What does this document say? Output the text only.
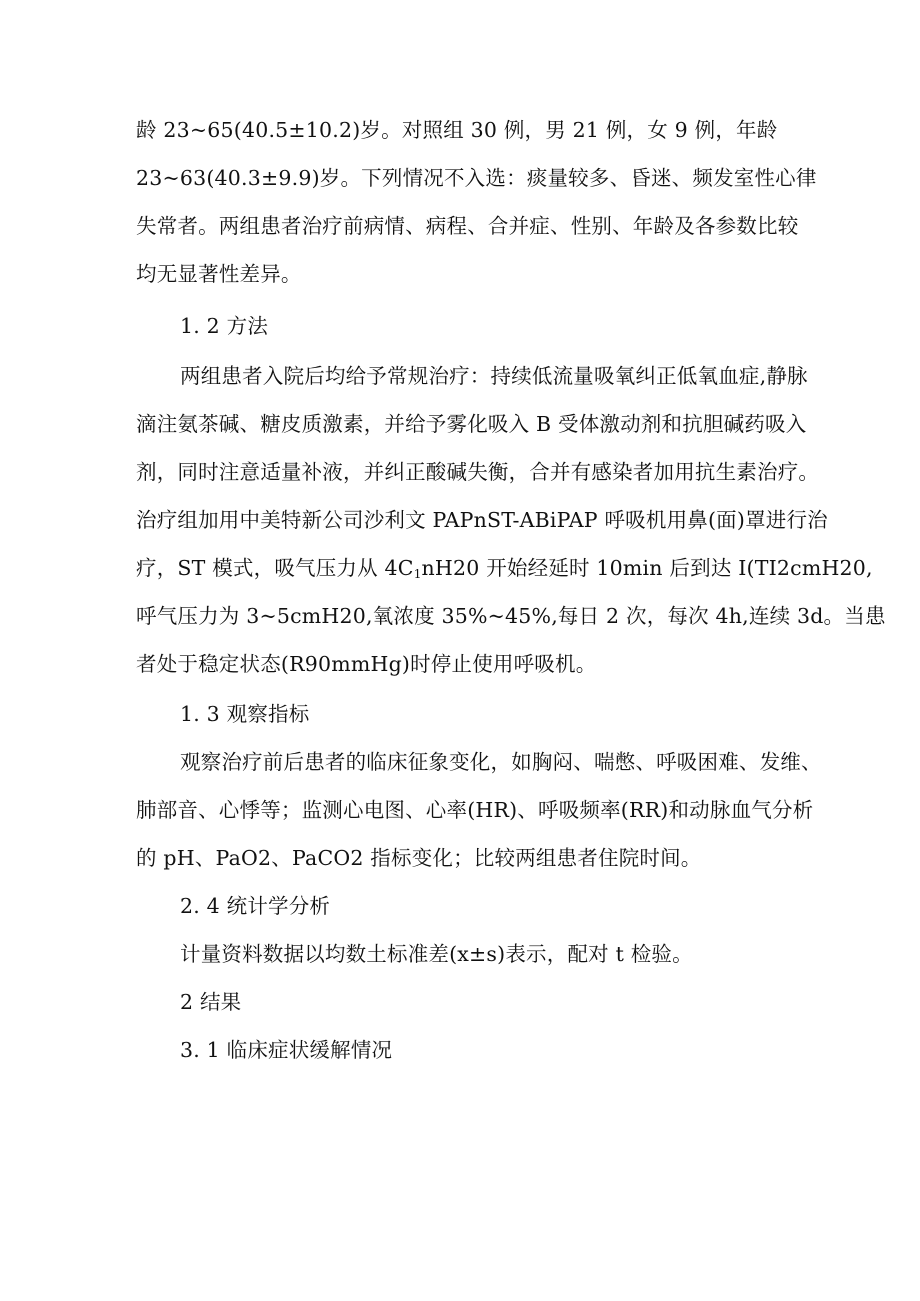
龄 23~65(40.5±10.2)岁。对照组 30 例，男 21 例，女 9 例，年龄
23~63(40.3±9.9)岁。下列情况不入选：痰量较多、昏迷、频发室性心律
失常者。两组患者治疗前病情、病程、合并症、性别、年龄及各参数比较
均无显著性差异。
1. 2 方法
两组患者入院后均给予常规治疗：持续低流量吸氧纠正低氧血症,静脉
滴注氨茶碱、糖皮质激素，并给予雾化吸入 B 受体激动剂和抗胆碱药吸入
剂，同时注意适量补液，并纠正酸碱失衡，合并有感染者加用抗生素治疗。
治疗组加用中美特新公司沙利文 PAPnST-ABiPAP 呼吸机用鼻(面)罩进行治
疗，ST 模式，吸气压力从 $4C_1nH20$ 开始经延时 10min 后到达 I(TI2cmH20,
呼气压力为 3~5cmH20,氧浓度 35%~45%,每日 2 次，每次 4h,连续 3d。当患
者处于稳定状态(R90mmHg)时停止使用呼吸机。
1. 3 观察指标
观察治疗前后患者的临床征象变化，如胸闷、喘憋、呼吸困难、发维、
肺部音、心悸等；监测心电图、心率(HR)、呼吸频率(RR)和动脉血气分析
的 pH、PaO2、PaCO2 指标变化；比较两组患者住院时间。
2. 4 统计学分析
计量资料数据以均数土标准差(x±s)表示，配对 t 检验。
2 结果
3. 1 临床症状缓解情况
